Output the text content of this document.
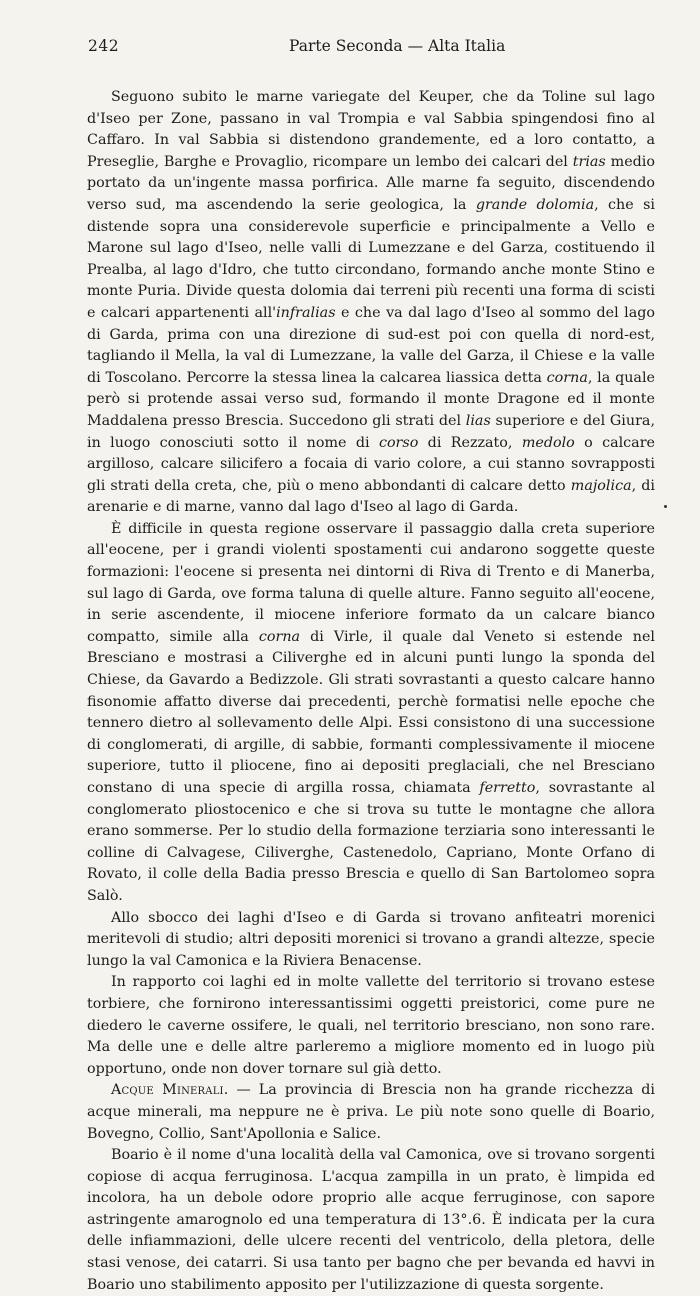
242	Parte Seconda — Alta Italia

Seguono subito le marne variegate del Keuper, che da Toline sul lago d'Iseo per Zone, passano in val Trompia e val Sabbia spingendosi fino al Caffaro. In val Sabbia si distendono grandemente, ed a loro contatto, a Preseglie, Barghe e Provaglio, ricompare un lembo dei calcari del trias medio portato da un'ingente massa porfirica. Alle marne fa seguito, discendendo verso sud, ma ascendendo la serie geologica, la grande dolomia, che si distende sopra una considerevole superficie e principalmente a Vello e Marone sul lago d'Iseo, nelle valli di Lumezzane e del Garza, costituendo il Prealba, al lago d'Idro, che tutto circondano, formando anche monte Stino e monte Puria. Divide questa dolomia dai terreni più recenti una forma di scisti e calcari appartenenti all'infralias e che va dal lago d'Iseo al sommo del lago di Garda, prima con una direzione di sud-est poi con quella di nord-est, tagliando il Mella, la val di Lumezzane, la valle del Garza, il Chiese e la valle di Toscolano. Percorre la stessa linea la calcarea liassica detta corna, la quale però si protende assai verso sud, formando il monte Dragone ed il monte Maddalena presso Brescia. Succedono gli strati del lias superiore e del Giura, in luogo conosciuti sotto il nome di corso di Rezzato, medolo o calcare argilloso, calcare silicifero a focaia di vario colore, a cui stanno sovrapposti gli strati della creta, che, più o meno abbondanti di calcare detto majolica, di arenarie e di marne, vanno dal lago d'Iseo al lago di Garda.

È difficile in questa regione osservare il passaggio dalla creta superiore all'eocene, per i grandi violenti spostamenti cui andarono soggette queste formazioni: l'eocene si presenta nei dintorni di Riva di Trento e di Manerba, sul lago di Garda, ove forma taluna di quelle alture. Fanno seguito all'eocene, in serie ascendente, il miocene inferiore formato da un calcare bianco compatto, simile alla corna di Virle, il quale dal Veneto si estende nel Bresciano e mostrasi a Ciliverghe ed in alcuni punti lungo la sponda del Chiese, da Gavardo a Bedizzole. Gli strati sovrastanti a questo calcare hanno fisonomie affatto diverse dai precedenti, perchè formatisi nelle epoche che tennero dietro al sollevamento delle Alpi. Essi consistono di una successione di conglomerati, di argille, di sabbie, formanti complessivamente il miocene superiore, tutto il pliocene, fino ai depositi preglaciali, che nel Bresciano constano di una specie di argilla rossa, chiamata ferretto, sovrastante al conglomerato pliostocenico e che si trova su tutte le montagne che allora erano sommerse. Per lo studio della formazione terziaria sono interessanti le colline di Calvagese, Ciliverghe, Castenedolo, Capriano, Monte Orfano di Rovato, il colle della Badia presso Brescia e quello di San Bartolomeo sopra Salò.

Allo sbocco dei laghi d'Iseo e di Garda si trovano anfiteatri morenici meritevoli di studio; altri depositi morenici si trovano a grandi altezze, specie lungo la val Camonica e la Riviera Benacense.

In rapporto coi laghi ed in molte vallette del territorio si trovano estese torbiere, che fornirono interessantissimi oggetti preistorici, come pure ne diedero le caverne ossifere, le quali, nel territorio bresciano, non sono rare. Ma delle une e delle altre parleremo a migliore momento ed in luogo più opportuno, onde non dover tornare sul già detto.

Acque Minerali. — La provincia di Brescia non ha grande ricchezza di acque minerali, ma neppure ne è priva. Le più note sono quelle di Boario, Bovegno, Collio, Sant'Apollonia e Salice.

Boario è il nome d'una località della val Camonica, ove si trovano sorgenti copiose di acqua ferruginosa. L'acqua zampilla in un prato, è limpida ed incolora, ha un debole odore proprio alle acque ferruginose, con sapore astringente amarognolo ed una temperatura di 13°.6. È indicata per la cura delle infiammazioni, delle ulcere recenti del ventricolo, della pletora, delle stasi venose, dei catarri. Si usa tanto per bagno che per bevanda ed havvi in Boario uno stabilimento apposito per l'utilizzazione di questa sorgente.
